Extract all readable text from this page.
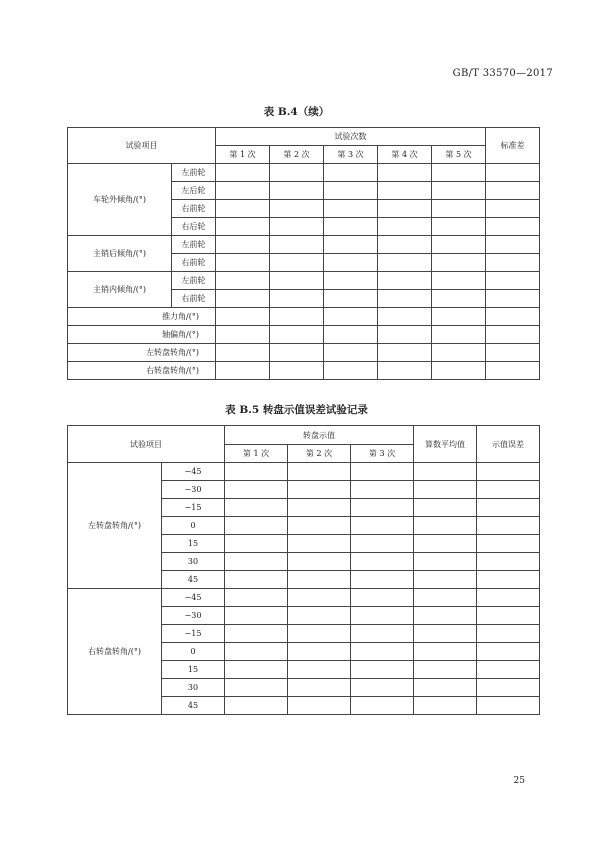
GB/T 33570—2017
表 B.4（续）
试验项目		试验次数					标准差
		第 1 次	第 2 次	第 3 次	第 4 次	第 5 次	
车轮外倾角/(°)	左前轮						
	左后轮						
	右前轮						
	右后轮						
主销后倾角/(°)	左前轮						
	右前轮						
主销内倾角/(°)	左前轮						
	右前轮						
推力角/(°)							
轴偏角/(°)							
左转盘转角/(°)							
右转盘转角/(°)							
表 B.5 转盘示值误差试验记录
试验项目		转盘示值			算数平均值	示值误差
		第 1 次	第 2 次	第 3 次		
左转盘转角/(°)	−45					
	−30					
	−15					
	0					
	15					
	30					
	45					
右转盘转角/(°)	−45					
	−30					
	−15					
	0					
	15					
	30					
	45					
25
